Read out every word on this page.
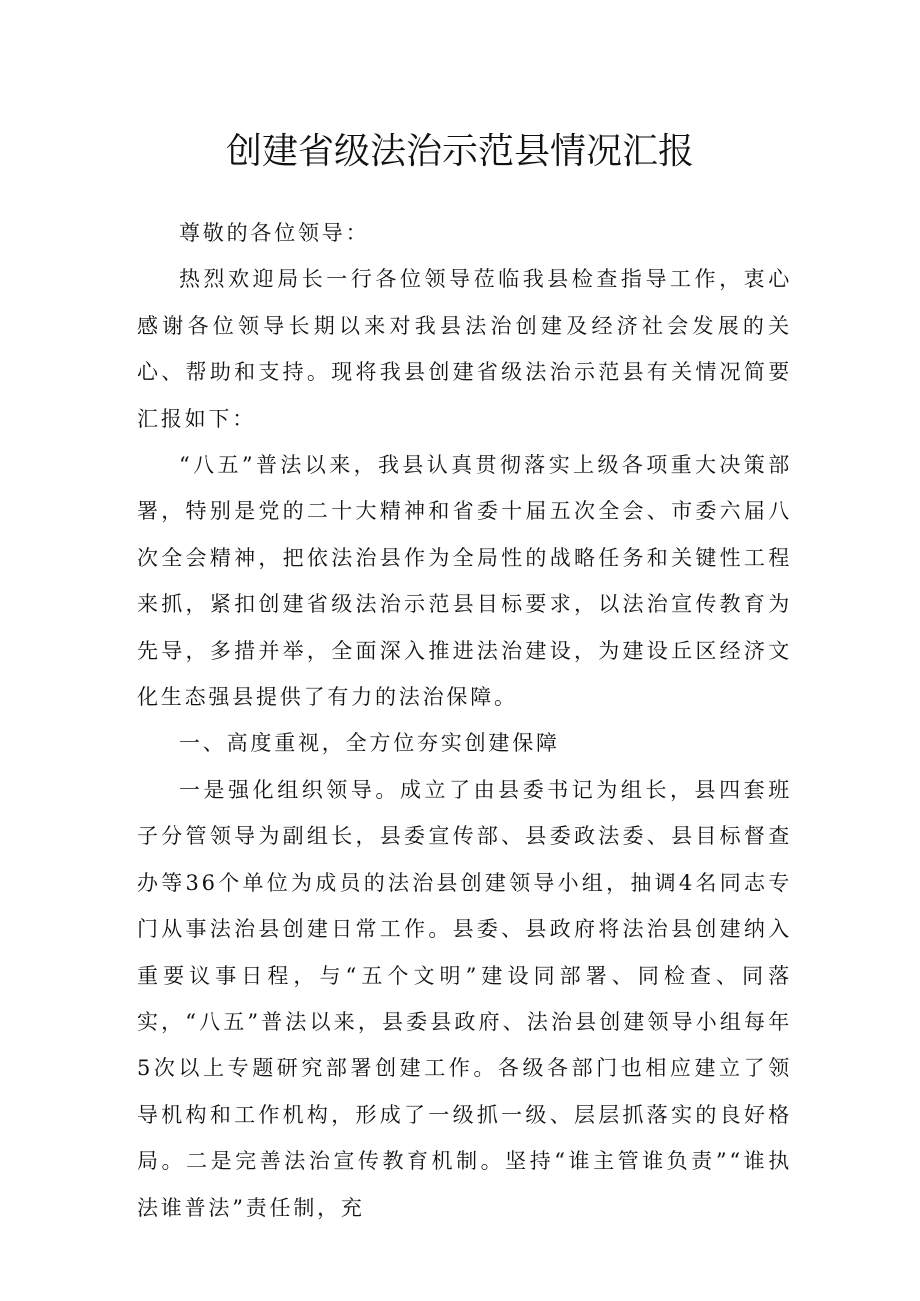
创建省级法治示范县情况汇报

尊敬的各位领导：

热烈欢迎局长一行各位领导莅临我县检查指导工作，衷心感谢各位领导长期以来对我县法治创建及经济社会发展的关心、帮助和支持。现将我县创建省级法治示范县有关情况简要汇报如下：

“八五”普法以来，我县认真贯彻落实上级各项重大决策部署，特别是党的二十大精神和省委十届五次全会、市委六届八次全会精神，把依法治县作为全局性的战略任务和关键性工程来抓，紧扣创建省级法治示范县目标要求，以法治宣传教育为先导，多措并举，全面深入推进法治建设，为建设丘区经济文化生态强县提供了有力的法治保障。

一、高度重视，全方位夯实创建保障

一是强化组织领导。成立了由县委书记为组长，县四套班子分管领导为副组长，县委宣传部、县委政法委、县目标督查办等36个单位为成员的法治县创建领导小组，抽调4名同志专门从事法治县创建日常工作。县委、县政府将法治县创建纳入重要议事日程，与“五个文明”建设同部署、同检查、同落实，“八五”普法以来，县委县政府、法治县创建领导小组每年5次以上专题研究部署创建工作。各级各部门也相应建立了领导机构和工作机构，形成了一级抓一级、层层抓落实的良好格局。二是完善法治宣传教育机制。坚持“谁主管谁负责”“谁执法谁普法”责任制，充
